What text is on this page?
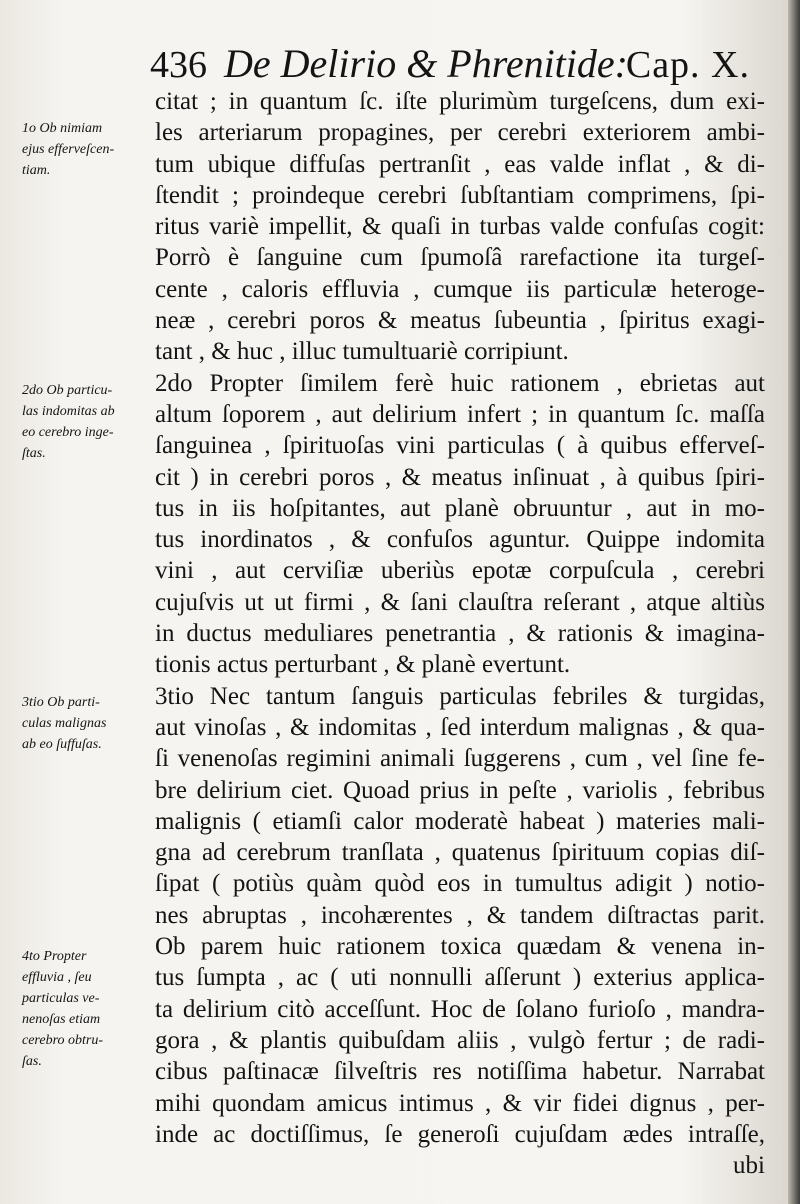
436 De Delirio & Phrenitide:
Cap. X.
1o Ob nimiam
ejus efferveſcen-
tiam.
2do Ob particu-
las indomitas ab
eo cerebro inge-
ſtas.
3tio Ob parti-
culas malignas
ab eo ſuffuſas.
4to Propter
effluvia , ſeu
particulas ve-
nenoſas etiam
cerebro obtru-
ſas.
citat ; in quantum ſc. iſte plurimùm turgeſcens, dum exi-
les arteriarum propagines, per cerebri exteriorem ambi-
tum ubique diffuſas pertranſit , eas valde inflat , & di-
ſtendit ; proindeque cerebri ſubſtantiam comprimens, ſpi-
ritus variè impellit, & quaſi in turbas valde confuſas cogit:
Porrò è ſanguine cum ſpumoſâ rarefactione ita turgeſ-
cente , caloris effluvia , cumque iis particulæ heteroge-
neæ , cerebri poros & meatus ſubeuntia , ſpiritus exagi-
tant , & huc , illuc tumultuariè corripiunt.
2do Propter ſimilem ferè huic rationem , ebrietas aut
altum ſoporem , aut delirium infert ; in quantum ſc. maſſa
ſanguinea , ſpirituoſas vini particulas ( à quibus efferveſ-
cit ) in cerebri poros , & meatus inſinuat , à quibus ſpiri-
tus in iis hoſpitantes, aut planè obruuntur , aut in mo-
tus inordinatos , & confuſos aguntur. Quippe indomita
vini , aut cerviſiæ uberiùs epotæ corpuſcula , cerebri
cujuſvis ut ut firmi , & ſani clauſtra reſerant , atque altiùs
in ductus meduliares penetrantia , & rationis & imagina-
tionis actus perturbant , & planè evertunt.
3tio Nec tantum ſanguis particulas febriles & turgidas,
aut vinoſas , & indomitas , ſed interdum malignas , & qua-
ſi venenoſas regimini animali ſuggerens , cum , vel ſine fe-
bre delirium ciet. Quoad prius in peſte , variolis , febribus
malignis ( etiamſi calor moderatè habeat ) materies mali-
gna ad cerebrum tranſlata , quatenus ſpirituum copias diſ-
ſipat ( potiùs quàm quòd eos in tumultus adigit ) notio-
nes abruptas , incohærentes , & tandem diſtractas parit.
Ob parem huic rationem toxica quædam & venena in-
tus ſumpta , ac ( uti nonnulli aſſerunt ) exterius applica-
ta delirium citò acceſſunt. Hoc de ſolano furioſo , mandra-
gora , & plantis quibuſdam aliis , vulgò fertur ; de radi-
cibus paſtinacæ ſilveſtris res notiſſima habetur. Narrabat
mihi quondam amicus intimus , & vir fidei dignus , per-
inde ac doctiſſimus, ſe generoſi cujuſdam ædes intraſſe,
ubi
